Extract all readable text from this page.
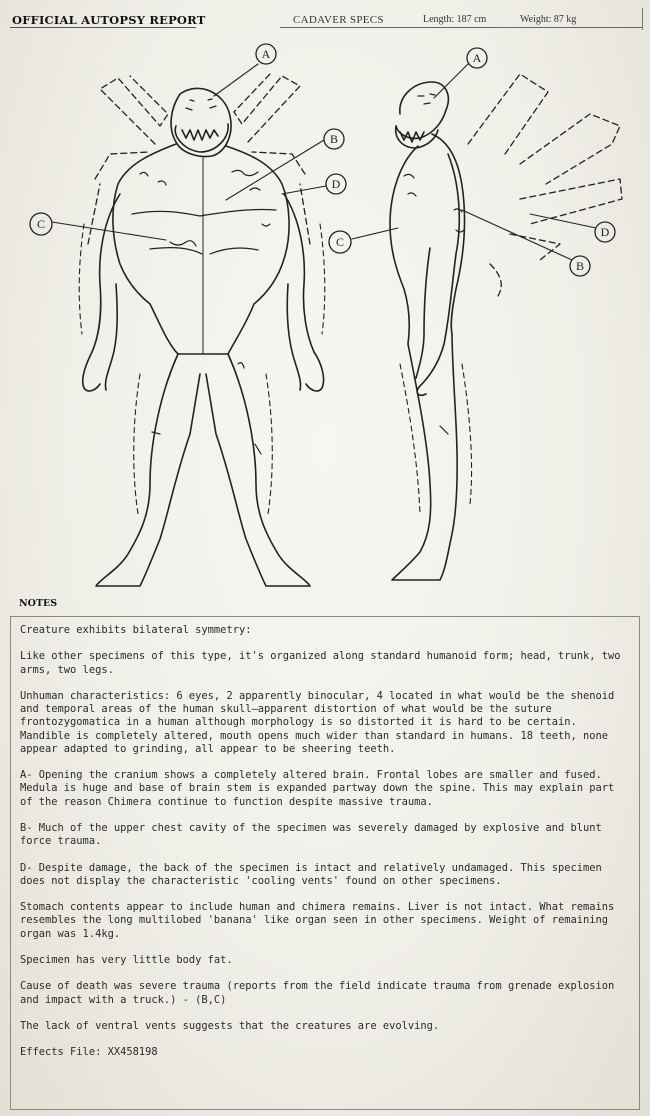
OFFICIAL AUTOPSY REPORT	CADAVER SPECS	Length: 187 cm	Weight: 87 kg
A
B
C
D
A
B
C
D
NOTES

Creature exhibits bilateral symmetry:

Like other specimens of this type, it's organized along standard humanoid form; head, trunk, two arms, two legs.

Unhuman characteristics: 6 eyes, 2 apparently binocular, 4 located in what would be the shenoid and temporal areas of the human skull—apparent distortion of what would be the suture frontozygomatica in a human although morphology is so distorted it is hard to be certain. Mandible is completely altered, mouth opens much wider than standard in humans. 18 teeth, none appear adapted to grinding, all appear to be sheering teeth.

A- Opening the cranium shows a completely altered brain. Frontal lobes are smaller and fused. Medula is huge and base of brain stem is expanded partway down the spine. This may explain part of the reason Chimera continue to function despite massive trauma.

B- Much of the upper chest cavity of the specimen was severely damaged by explosive and blunt force trauma.

D- Despite damage, the back of the specimen is intact and relatively undamaged. This specimen does not display the characteristic 'cooling vents' found on other specimens.

Stomach contents appear to include human and chimera remains. Liver is not intact. What remains resembles the long multilobed 'banana' like organ seen in other specimens. Weight of remaining organ was 1.4kg.

Specimen has very little body fat.

Cause of death was severe trauma (reports from the field indicate trauma from grenade explosion and impact with a truck.) - (B,C)

The lack of ventral vents suggests that the creatures are evolving.

Effects File: XX458198
